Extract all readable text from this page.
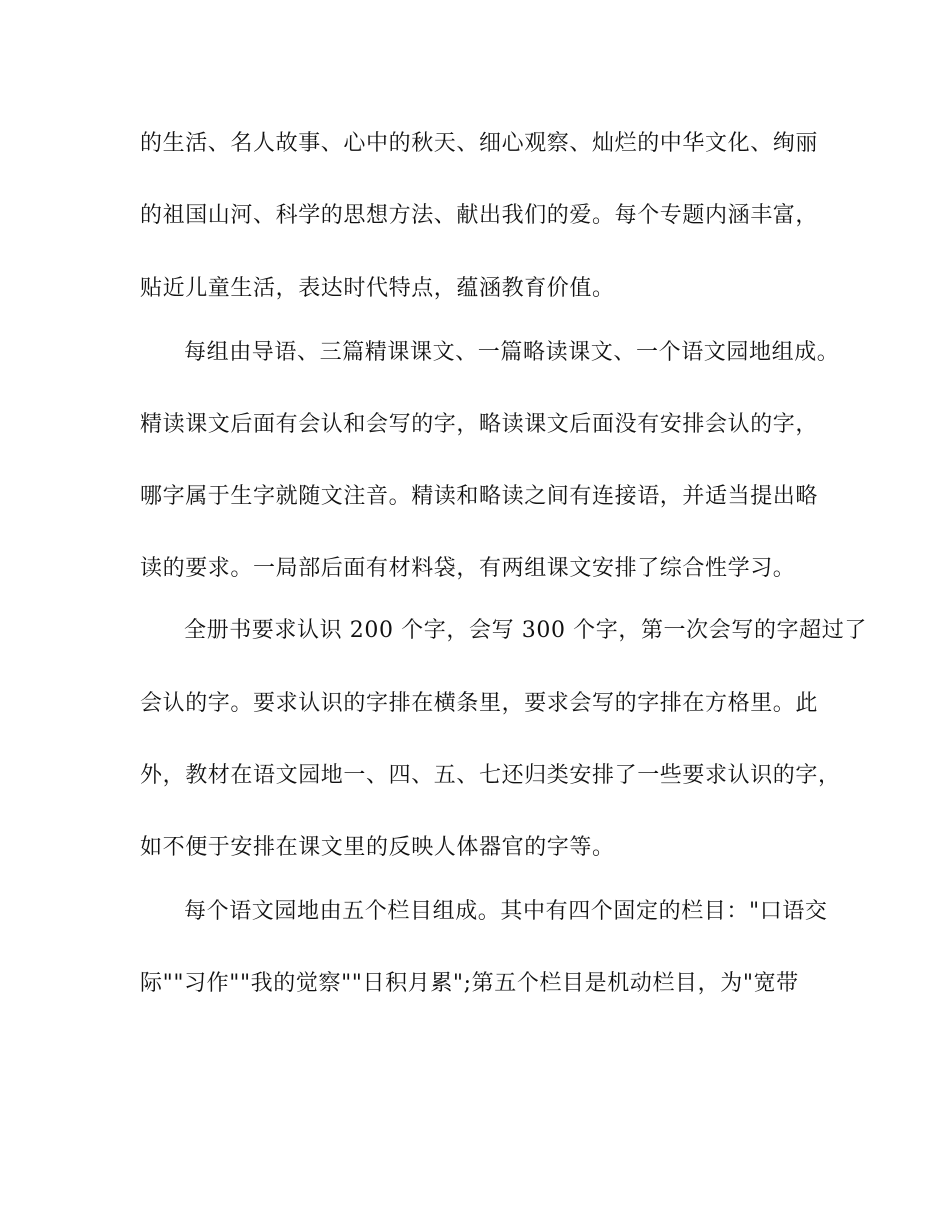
的生活、名人故事、心中的秋天、细心观察、灿烂的中华文化、绚丽
的祖国山河、科学的思想方法、献出我们的爱。每个专题内涵丰富，
贴近儿童生活，表达时代特点，蕴涵教育价值。
每组由导语、三篇精课课文、一篇略读课文、一个语文园地组成。
精读课文后面有会认和会写的字，略读课文后面没有安排会认的字，
哪字属于生字就随文注音。精读和略读之间有连接语，并适当提出略
读的要求。一局部后面有材料袋，有两组课文安排了综合性学习。
全册书要求认识 200 个字，会写 300 个字，第一次会写的字超过了
会认的字。要求认识的字排在横条里，要求会写的字排在方格里。此
外，教材在语文园地一、四、五、七还归类安排了一些要求认识的字，
如不便于安排在课文里的反映人体器官的字等。
每个语文园地由五个栏目组成。其中有四个固定的栏目："口语交
际""习作""我的觉察""日积月累";第五个栏目是机动栏目，为"宽带
